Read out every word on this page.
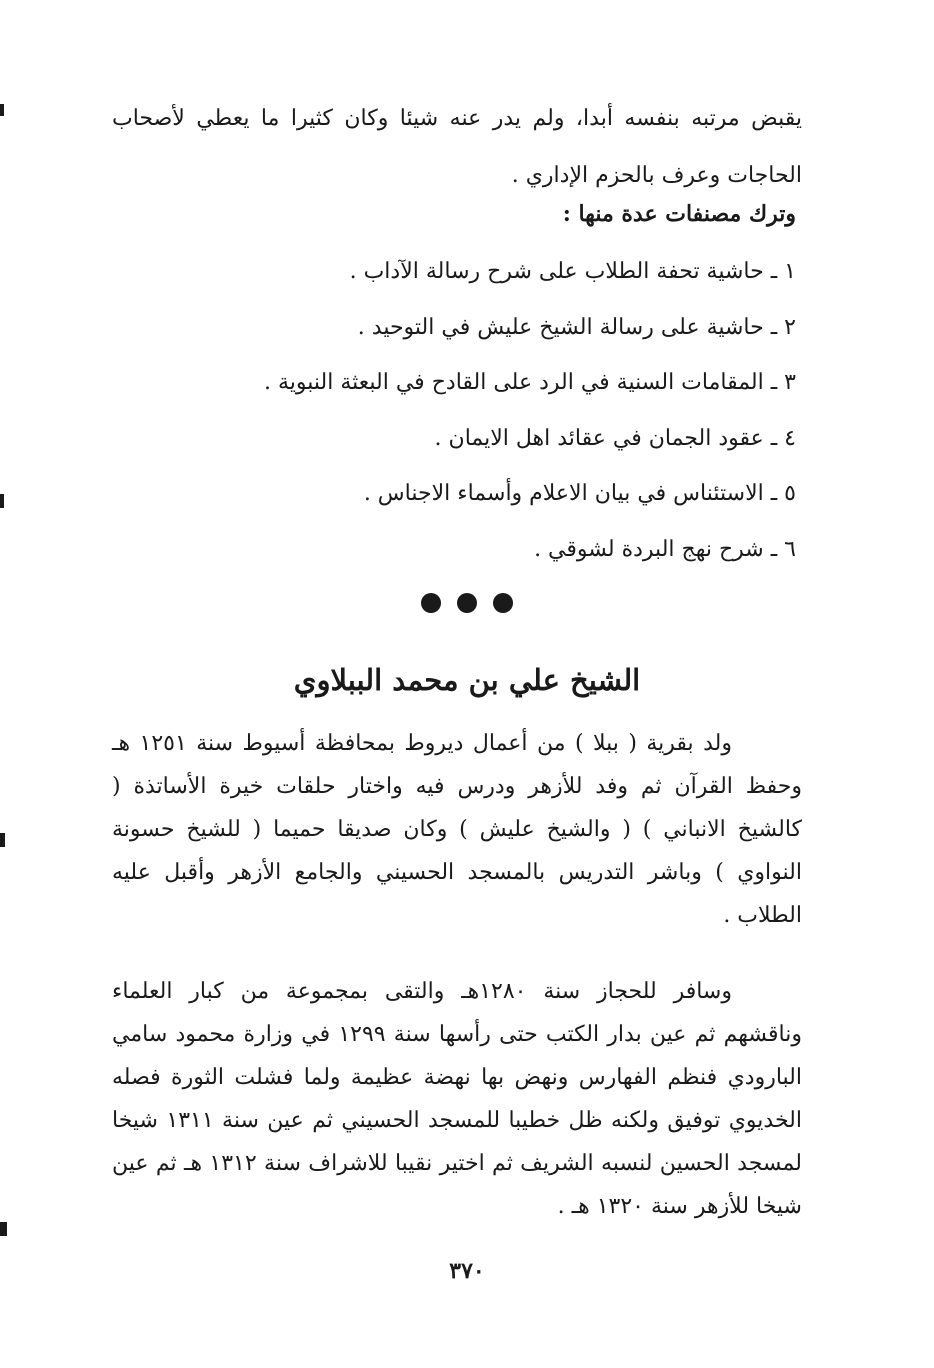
يقبض مرتبه بنفسه أبدا، ولم يدر عنه شيئا وكان كثيرا ما يعطي لأصحاب الحاجات وعرف بالحزم الإداري .

وترك مصنفات عدة منها :
١ ـ حاشية تحفة الطلاب على شرح رسالة الآداب .
٢ ـ حاشية على رسالة الشيخ عليش في التوحيد .
٣ ـ المقامات السنية في الرد على القادح في البعثة النبوية .
٤ ـ عقود الجمان في عقائد اهل الايمان .
٥ ـ الاستئناس في بيان الاعلام وأسماء الاجناس .
٦ ـ شرح نهج البردة لشوقي .
الشيخ علي بن محمد الببلاوي

ولد بقرية ( ببلا ) من أعمال ديروط بمحافظة أسيوط سنة ١٢٥١ هـ وحفظ القرآن ثم وفد للأزهر ودرس فيه واختار حلقات خيرة الأساتذة ( كالشيخ الانباني ) ( والشيخ عليش ) وكان صديقا حميما ( للشيخ حسونة النواوي ) وباشر التدريس بالمسجد الحسيني والجامع الأزهر وأقبل عليه الطلاب .

وسافر للحجاز سنة ١٢٨٠هـ والتقى بمجموعة من كبار العلماء وناقشهم ثم عين بدار الكتب حتى رأسها سنة ١٢٩٩ في وزارة محمود سامي البارودي فنظم الفهارس ونهض بها نهضة عظيمة ولما فشلت الثورة فصله الخديوي توفيق ولكنه ظل خطيبا للمسجد الحسيني ثم عين سنة ١٣١١ شيخا لمسجد الحسين لنسبه الشريف ثم اختير نقيبا للاشراف سنة ١٣١٢ هـ ثم عين شيخا للأزهر سنة ١٣٢٠ هـ .

٣٧٠
